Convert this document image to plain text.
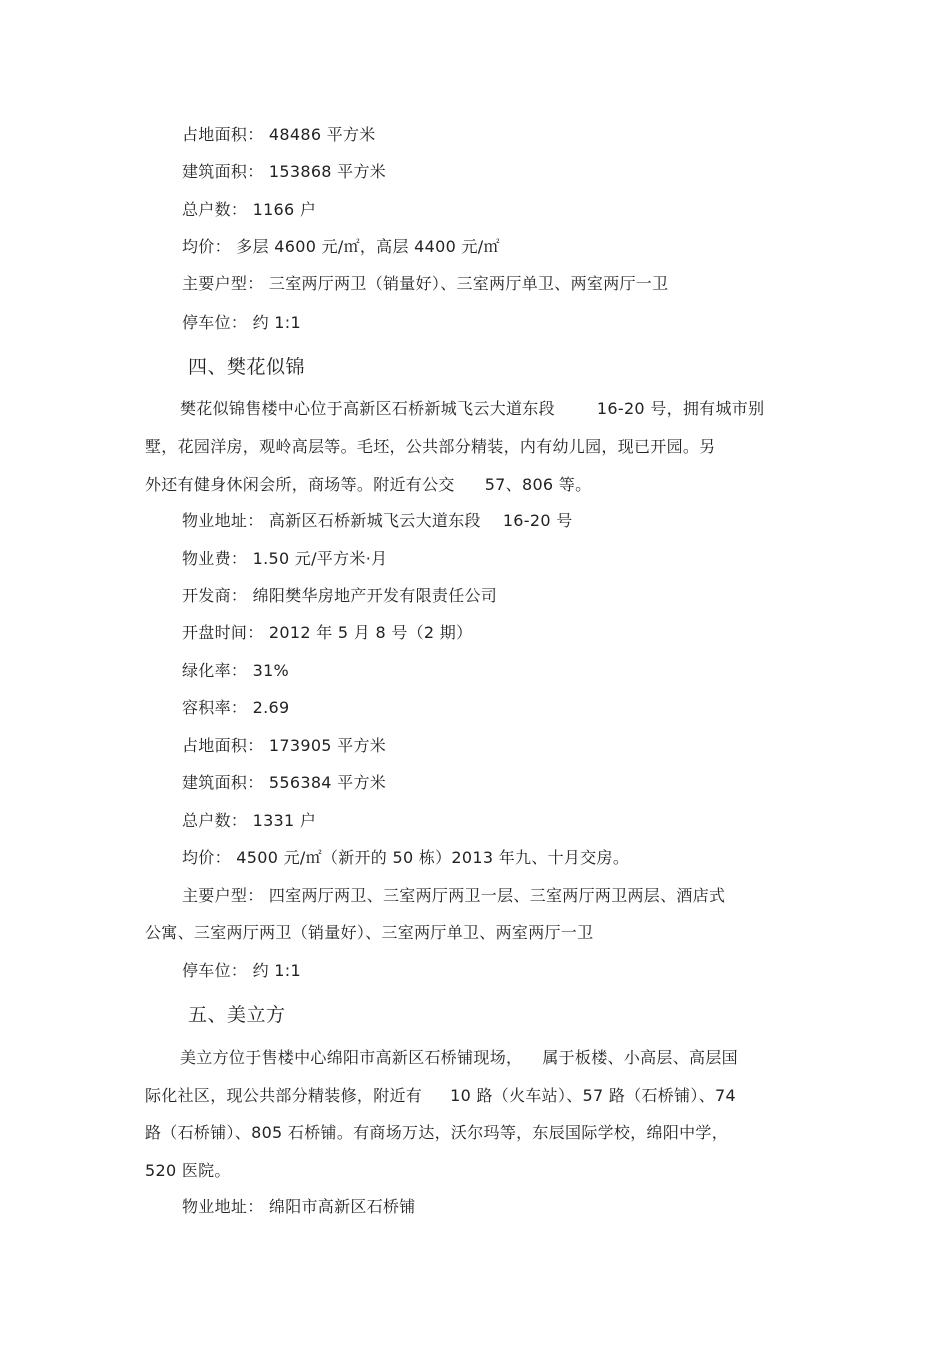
占地面积： 48486 平方米
建筑面积： 153868 平方米
总户数： 1166 户
均价： 多层 4600 元/㎡，高层 4400 元/㎡
主要户型： 三室两厅两卫（销量好）、三室两厅单卫、两室两厅一卫
停车位： 约 1:1
四、樊花似锦
樊花似锦售楼中心位于高新区石桥新城飞云大道东段	16-20 号，拥有城市别
墅，花园洋房，观岭高层等。毛坯，公共部分精装，内有幼儿园，现已开园。另
外还有健身休闲会所，商场等。附近有公交 57、806 等。
物业地址： 高新区石桥新城飞云大道东段 16-20 号
物业费： 1.50 元/平方米·月
开发商： 绵阳樊华房地产开发有限责任公司
开盘时间： 2012 年 5 月 8 号（2 期）
绿化率： 31%
容积率： 2.69
占地面积： 173905 平方米
建筑面积： 556384 平方米
总户数： 1331 户
均价： 4500 元/㎡（新开的 50 栋）2013 年九、十月交房。
主要户型： 四室两厅两卫、三室两厅两卫一层、三室两厅两卫两层、酒店式
公寓、三室两厅两卫（销量好）、三室两厅单卫、两室两厅一卫
停车位： 约 1:1
五、美立方
美立方位于售楼中心绵阳市高新区石桥铺现场， 属于板楼、小高层、高层国
际化社区，现公共部分精装修，附近有 10 路（火车站）、57 路（石桥铺）、74
路（石桥铺）、805 石桥铺。有商场万达，沃尔玛等，东辰国际学校，绵阳中学，
520 医院。
物业地址： 绵阳市高新区石桥铺
